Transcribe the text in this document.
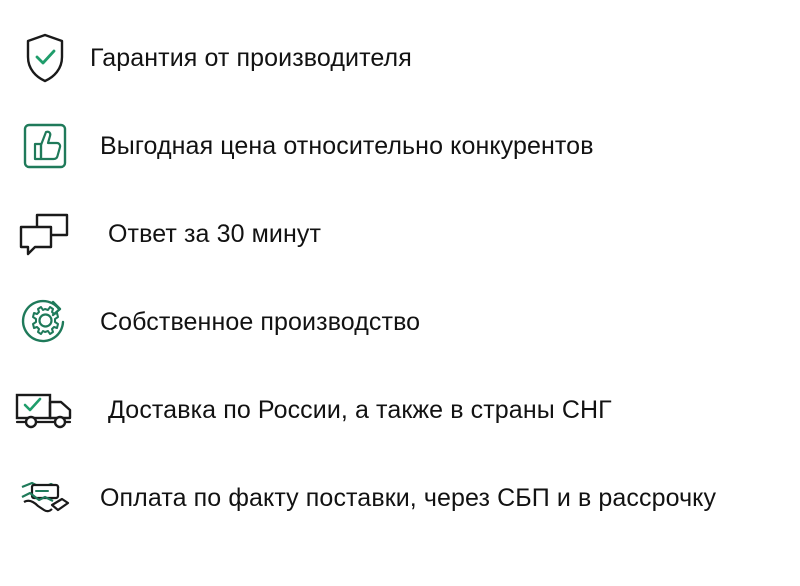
Гарантия от производителя
Выгодная цена относительно конкурентов
Ответ за 30 минут
Собственное производство
Доставка по России, а также в страны СНГ
Оплата по факту поставки, через СБП и в рассрочку
